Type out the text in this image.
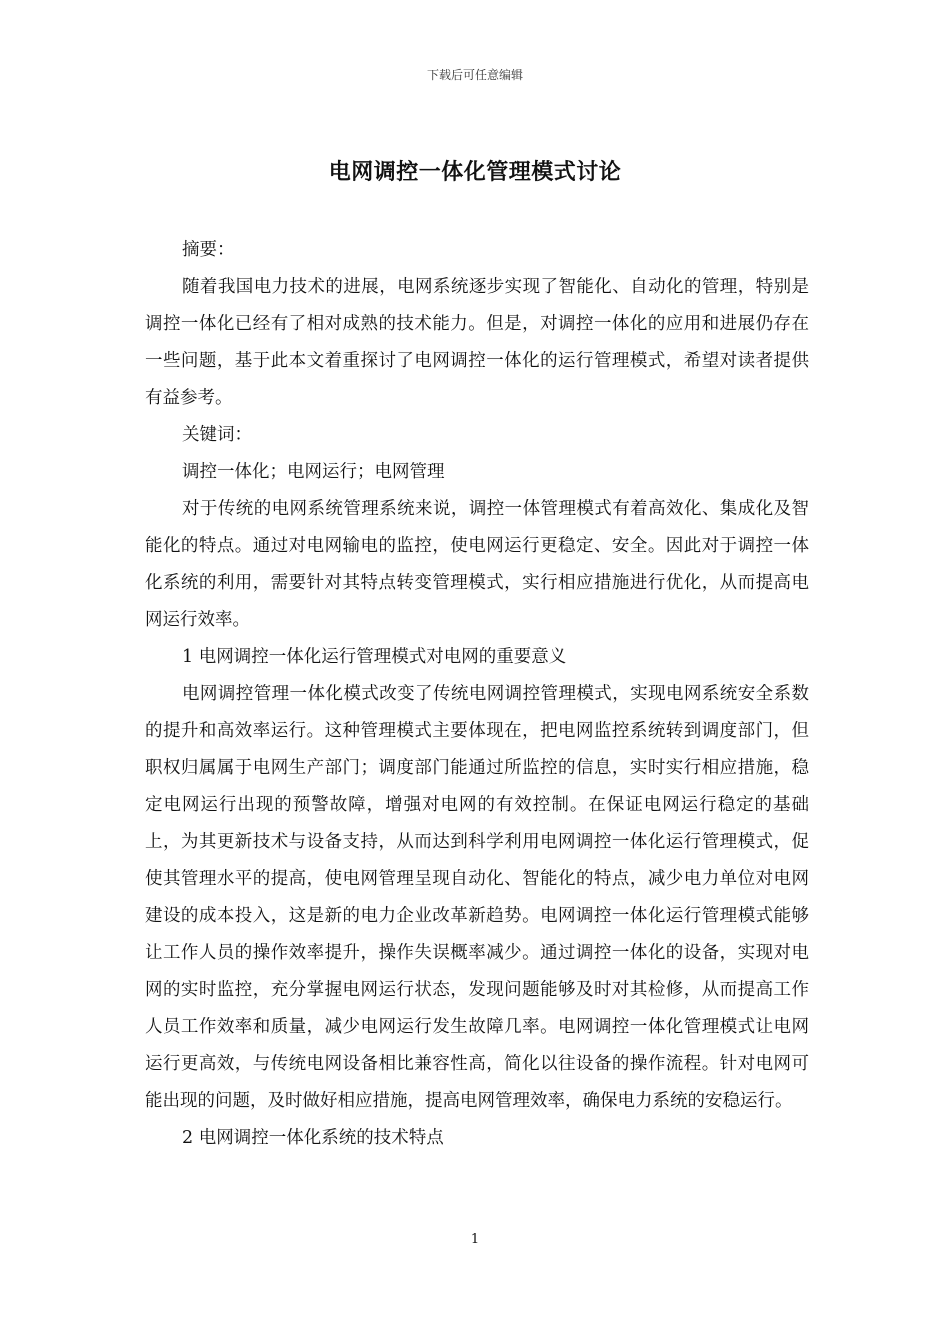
下载后可任意编辑
电网调控一体化管理模式讨论

摘要：

随着我国电力技术的进展，电网系统逐步实现了智能化、自动化的管理，特别是调控一体化已经有了相对成熟的技术能力。但是，对调控一体化的应用和进展仍存在一些问题，基于此本文着重探讨了电网调控一体化的运行管理模式，希望对读者提供有益参考。

关键词：

调控一体化；电网运行；电网管理

对于传统的电网系统管理系统来说，调控一体管理模式有着高效化、集成化及智能化的特点。通过对电网输电的监控，使电网运行更稳定、安全。因此对于调控一体化系统的利用，需要针对其特点转变管理模式，实行相应措施进行优化，从而提高电网运行效率。

1 电网调控一体化运行管理模式对电网的重要意义

电网调控管理一体化模式改变了传统电网调控管理模式，实现电网系统安全系数的提升和高效率运行。这种管理模式主要体现在，把电网监控系统转到调度部门，但职权归属属于电网生产部门；调度部门能通过所监控的信息，实时实行相应措施，稳定电网运行出现的预警故障，增强对电网的有效控制。在保证电网运行稳定的基础上，为其更新技术与设备支持，从而达到科学利用电网调控一体化运行管理模式，促使其管理水平的提高，使电网管理呈现自动化、智能化的特点，减少电力单位对电网建设的成本投入，这是新的电力企业改革新趋势。电网调控一体化运行管理模式能够让工作人员的操作效率提升，操作失误概率减少。通过调控一体化的设备，实现对电网的实时监控，充分掌握电网运行状态，发现问题能够及时对其检修，从而提高工作人员工作效率和质量，减少电网运行发生故障几率。电网调控一体化管理模式让电网运行更高效，与传统电网设备相比兼容性高，简化以往设备的操作流程。针对电网可能出现的问题，及时做好相应措施，提高电网管理效率，确保电力系统的安稳运行。

2 电网调控一体化系统的技术特点

1
